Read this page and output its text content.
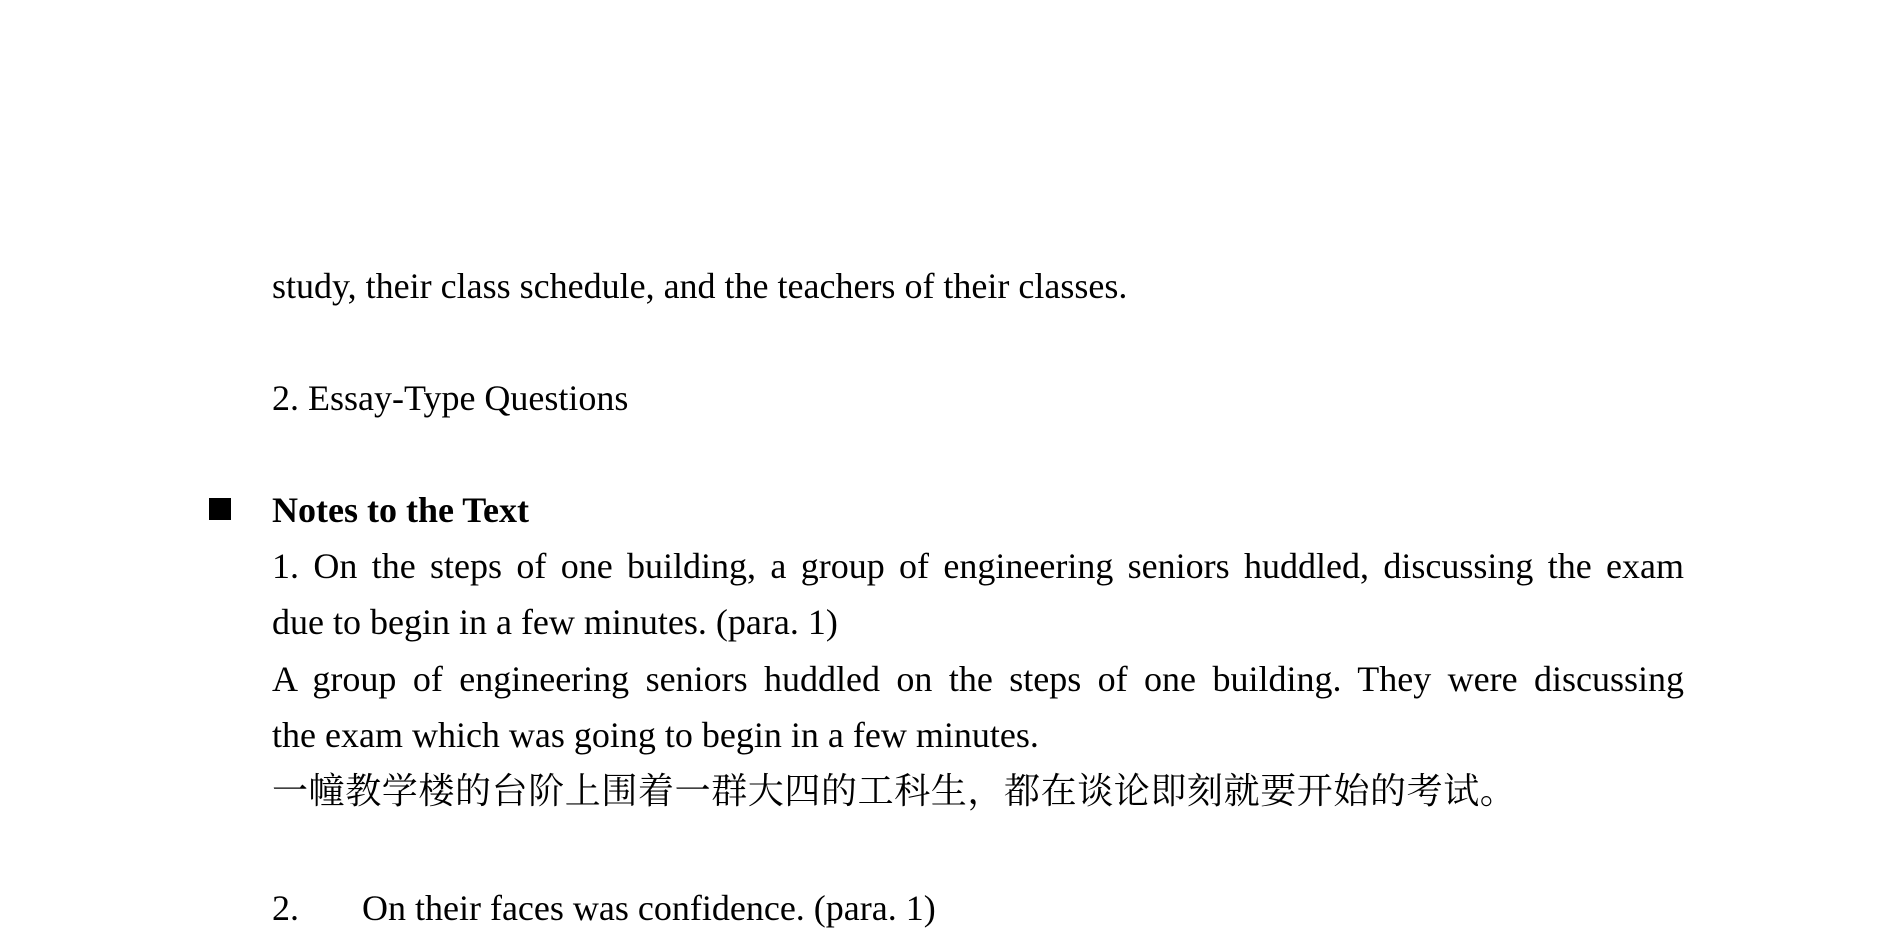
study, their class schedule, and the teachers of their classes.
2. Essay-Type Questions
Notes to the Text
1. On the steps of one building, a group of engineering seniors huddled, discussing the exam
due to begin in a few minutes. (para. 1)
A group of engineering seniors huddled on the steps of one building. They were discussing
the exam which was going to begin in a few minutes.
一幢教学楼的台阶上围着一群大四的工科生，都在谈论即刻就要开始的考试。
2. On their faces was confidence. (para. 1)
